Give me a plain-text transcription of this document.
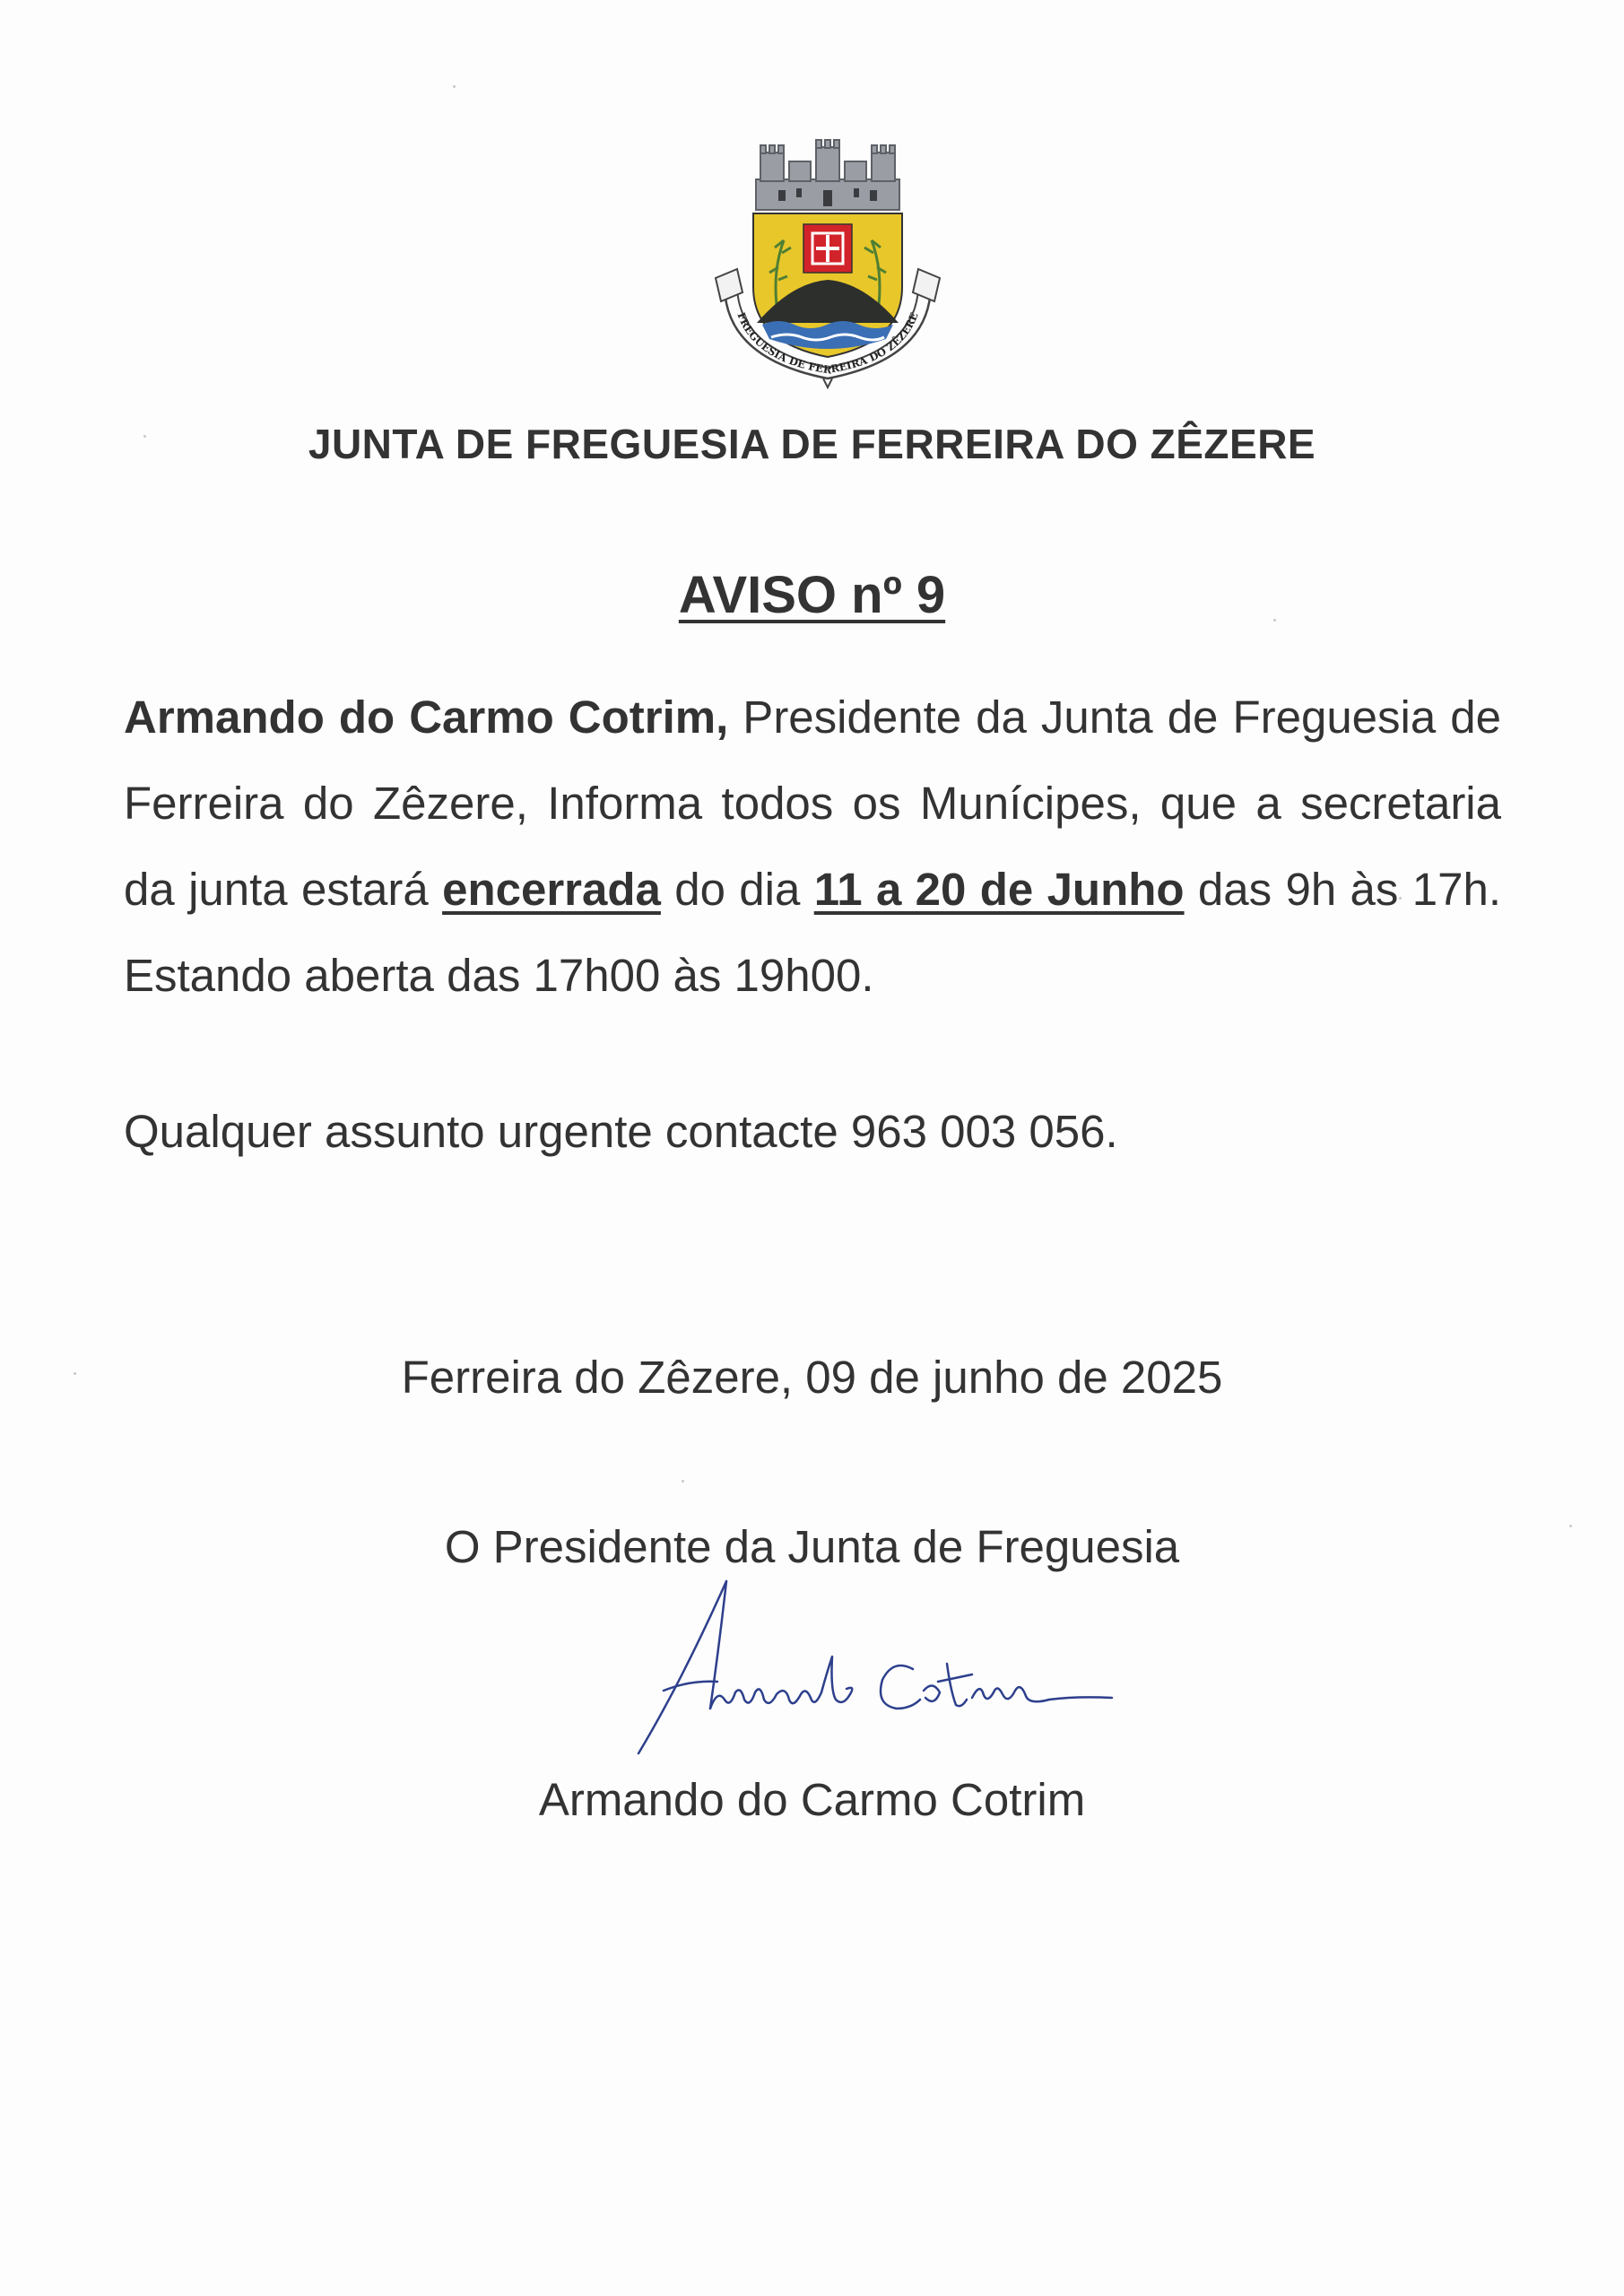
FREGUESIA DE FERREIRA DO ZÊZERE
JUNTA DE FREGUESIA DE FERREIRA DO ZÊZERE
AVISO nº 9
Armando do Carmo Cotrim, Presidente da Junta de Freguesia de Ferreira do Zêzere, Informa todos os Munícipes, que a secretaria da junta estará encerrada do dia 11 a 20 de Junho das 9h às 17h. Estando aberta das 17h00 às 19h00.
Qualquer assunto urgente contacte 963 003 056.
Ferreira do Zêzere, 09 de junho de 2025
O Presidente da Junta de Freguesia
Armando do Carmo Cotrim
